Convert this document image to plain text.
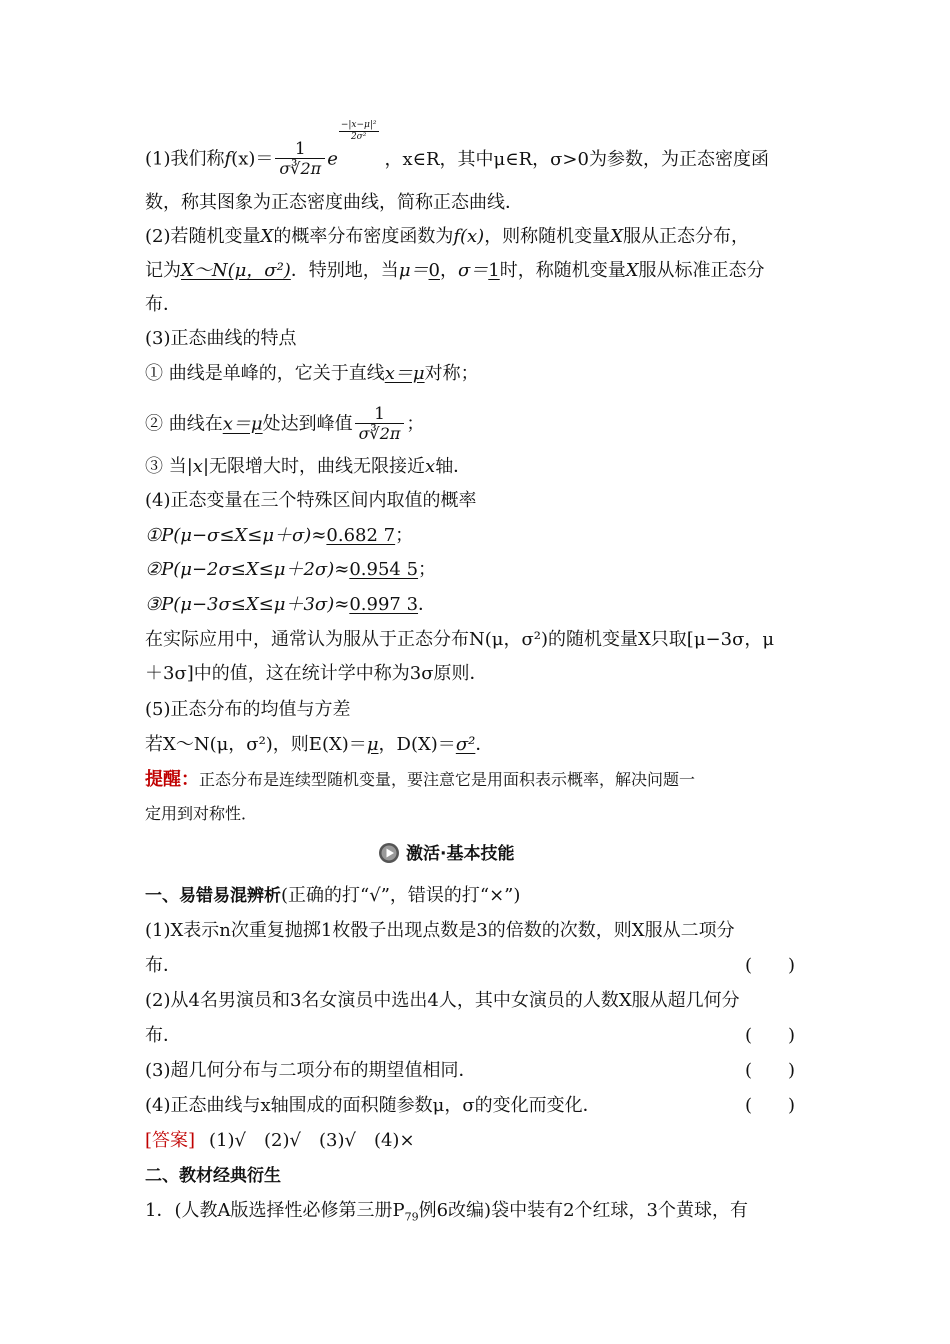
(1)我们称$f(x)= \frac{1}{\sigma∛2\pi}$ e
$\frac{\text{−|x−μ|²}}{\text{2σ²}}$
，x∈R，其中μ∈R，σ>0为参数，为正态密度函
数，称其图象为正态密度曲线，简称正态曲线．
(2)若随机变量X的概率分布密度函数为f(x)，则称随机变量X服从正态分布，
记为X～N(μ，σ²)．特别地，当μ＝0，σ＝1时，称随机变量X服从标准正态分
布．
(3)正态曲线的特点
① 曲线是单峰的，它关于直线x＝μ对称；
② 曲线在x＝μ处达到峰值 $\frac{1}{\sigma∛2\pi}$ ；
③ 当|x|无限增大时，曲线无限接近x轴．
(4)正态变量在三个特殊区间内取值的概率
①P(μ−σ≤X≤μ＋σ)≈0.682 7；
②P(μ−2σ≤X≤μ＋2σ)≈0.954 5；
③P(μ−3σ≤X≤μ＋3σ)≈0.997 3．
在实际应用中，通常认为服从于正态分布N(μ，σ²)的随机变量X只取[μ−3σ，μ
＋3σ]中的值，这在统计学中称为3σ原则．
(5)正态分布的均值与方差
若X～N(μ，σ²)，则E(X)＝μ，D(X)＝σ²．
提醒：正态分布是连续型随机变量，要注意它是用面积表示概率，解决问题一
定用到对称性．
激活·基本技能
一、易错易混辨析(正确的打“√”，错误的打“×”)
(1)X表示n次重复抛掷1枚骰子出现点数是3的倍数的次数，则X服从二项分
布．	(　　)
(2)从4名男演员和3名女演员中选出4人，其中女演员的人数X服从超几何分
布．	(　　)
(3)超几何分布与二项分布的期望值相同．	(　　)
(4)正态曲线与x轴围成的面积随参数μ，σ的变化而变化．	(　　)
[答案] (1)√　(2)√　(3)√　(4)×
二、教材经典衍生
1．(人教A版选择性必修第三册$P_{79}$例6改编)袋中装有2个红球，3个黄球，有
